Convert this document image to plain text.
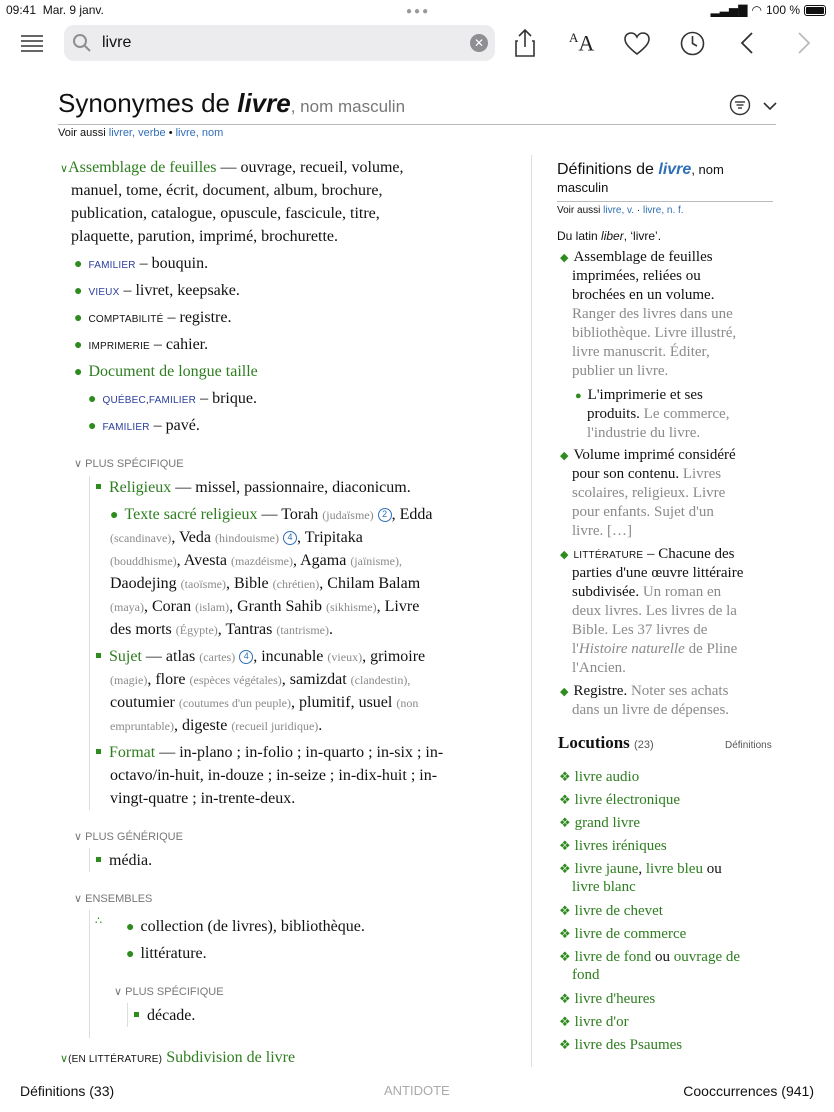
09:41 Mar. 9 janv.	●●●	▂▃▅▇ ◠ 100 %
livre	✕	$^A$A
Synonymes de livre, nom masculin
Voir aussi livrer, verbe • livre, nom
∨Assemblage de feuilles — ouvrage, recueil, volume,
manuel, tome, écrit, document, album, brochure,
publication, catalogue, opuscule, fascicule, titre,
plaquette, parution, imprimé, brochurette.
● FAMILIER
– bouquin.
● VIEUX
– livret, keepsake.
● COMPTABILITÉ
– registre.
● IMPRIMERIE
– cahier.
● Document de longue taille
● QUÉBEC , FAMILIER
– brique.
● FAMILIER
– pavé.
∨ PLUS SPÉCIFIQUE
Religieux — missel, passionnaire, diaconicum.
● Texte sacré religieux — Torah (judaïsme) 2 , Edda
(scandinave), Veda (hindouisme) 4 , Tripitaka
(bouddhisme), Avesta (mazdéisme), Agama (jaïnisme),
Daodejing (taoïsme), Bible (chrétien), Chilam Balam
(maya), Coran (islam), Granth Sahib (sikhisme), Livre
des morts (Égypte), Tantras (tantrisme).
Sujet — atlas (cartes) 4 , incunable (vieux), grimoire
(magie), flore (espèces végétales), samizdat (clandestin),
coutumier (coutumes d'un peuple), plumitif, usuel (non
empruntable), digeste (recueil juridique).
Format — in-plano ; in-folio ; in-quarto ; in-six ; in-
octavo/in-huit, in-douze ; in-seize ; in-dix-huit ; in-
vingt-quatre ; in-trente-deux.
∨ PLUS GÉNÉRIQUE
média.
∨ ENSEMBLES
∴ ● collection (de livres), bibliothèque.
● littérature.
∨ PLUS SPÉCIFIQUE
décade.
∨(EN LITTÉRATURE) Subdivision de livre
Définitions de livre, nom
masculin
Voir aussi livre, v. · livre, n. f.
Du latin liber, ‘livre’.
◆ Assemblage de feuilles
imprimées, reliées ou
brochées en un volume.
Ranger des livres dans une
bibliothèque. Livre illustré,
livre manuscrit. Éditer,
publier un livre.
● L'imprimerie et ses
produits. Le commerce,
l'industrie du livre.
◆ Volume imprimé considéré
pour son contenu. Livres
scolaires, religieux. Livre
pour enfants. Sujet d'un
livre. […]
◆ LITTÉRATURE – Chacune des
parties d'une œuvre littéraire
subdivisée. Un roman en
deux livres. Les livres de la
Bible. Les 37 livres de
l'Histoire naturelle de Pline
l'Ancien.
◆ Registre. Noter ses achats
dans un livre de dépenses.
Locutions (23)	Définitions
❖ livre audio
❖ livre électronique
❖ grand livre
❖ livres iréniques
❖ livre jaune, livre bleu ou
livre blanc
❖ livre de chevet
❖ livre de commerce
❖ livre de fond ou ouvrage de
fond
❖ livre d'heures
❖ livre d'or
❖ livre des Psaumes
Définitions (33)	ANTIDOTE	Cooccurrences (941)
